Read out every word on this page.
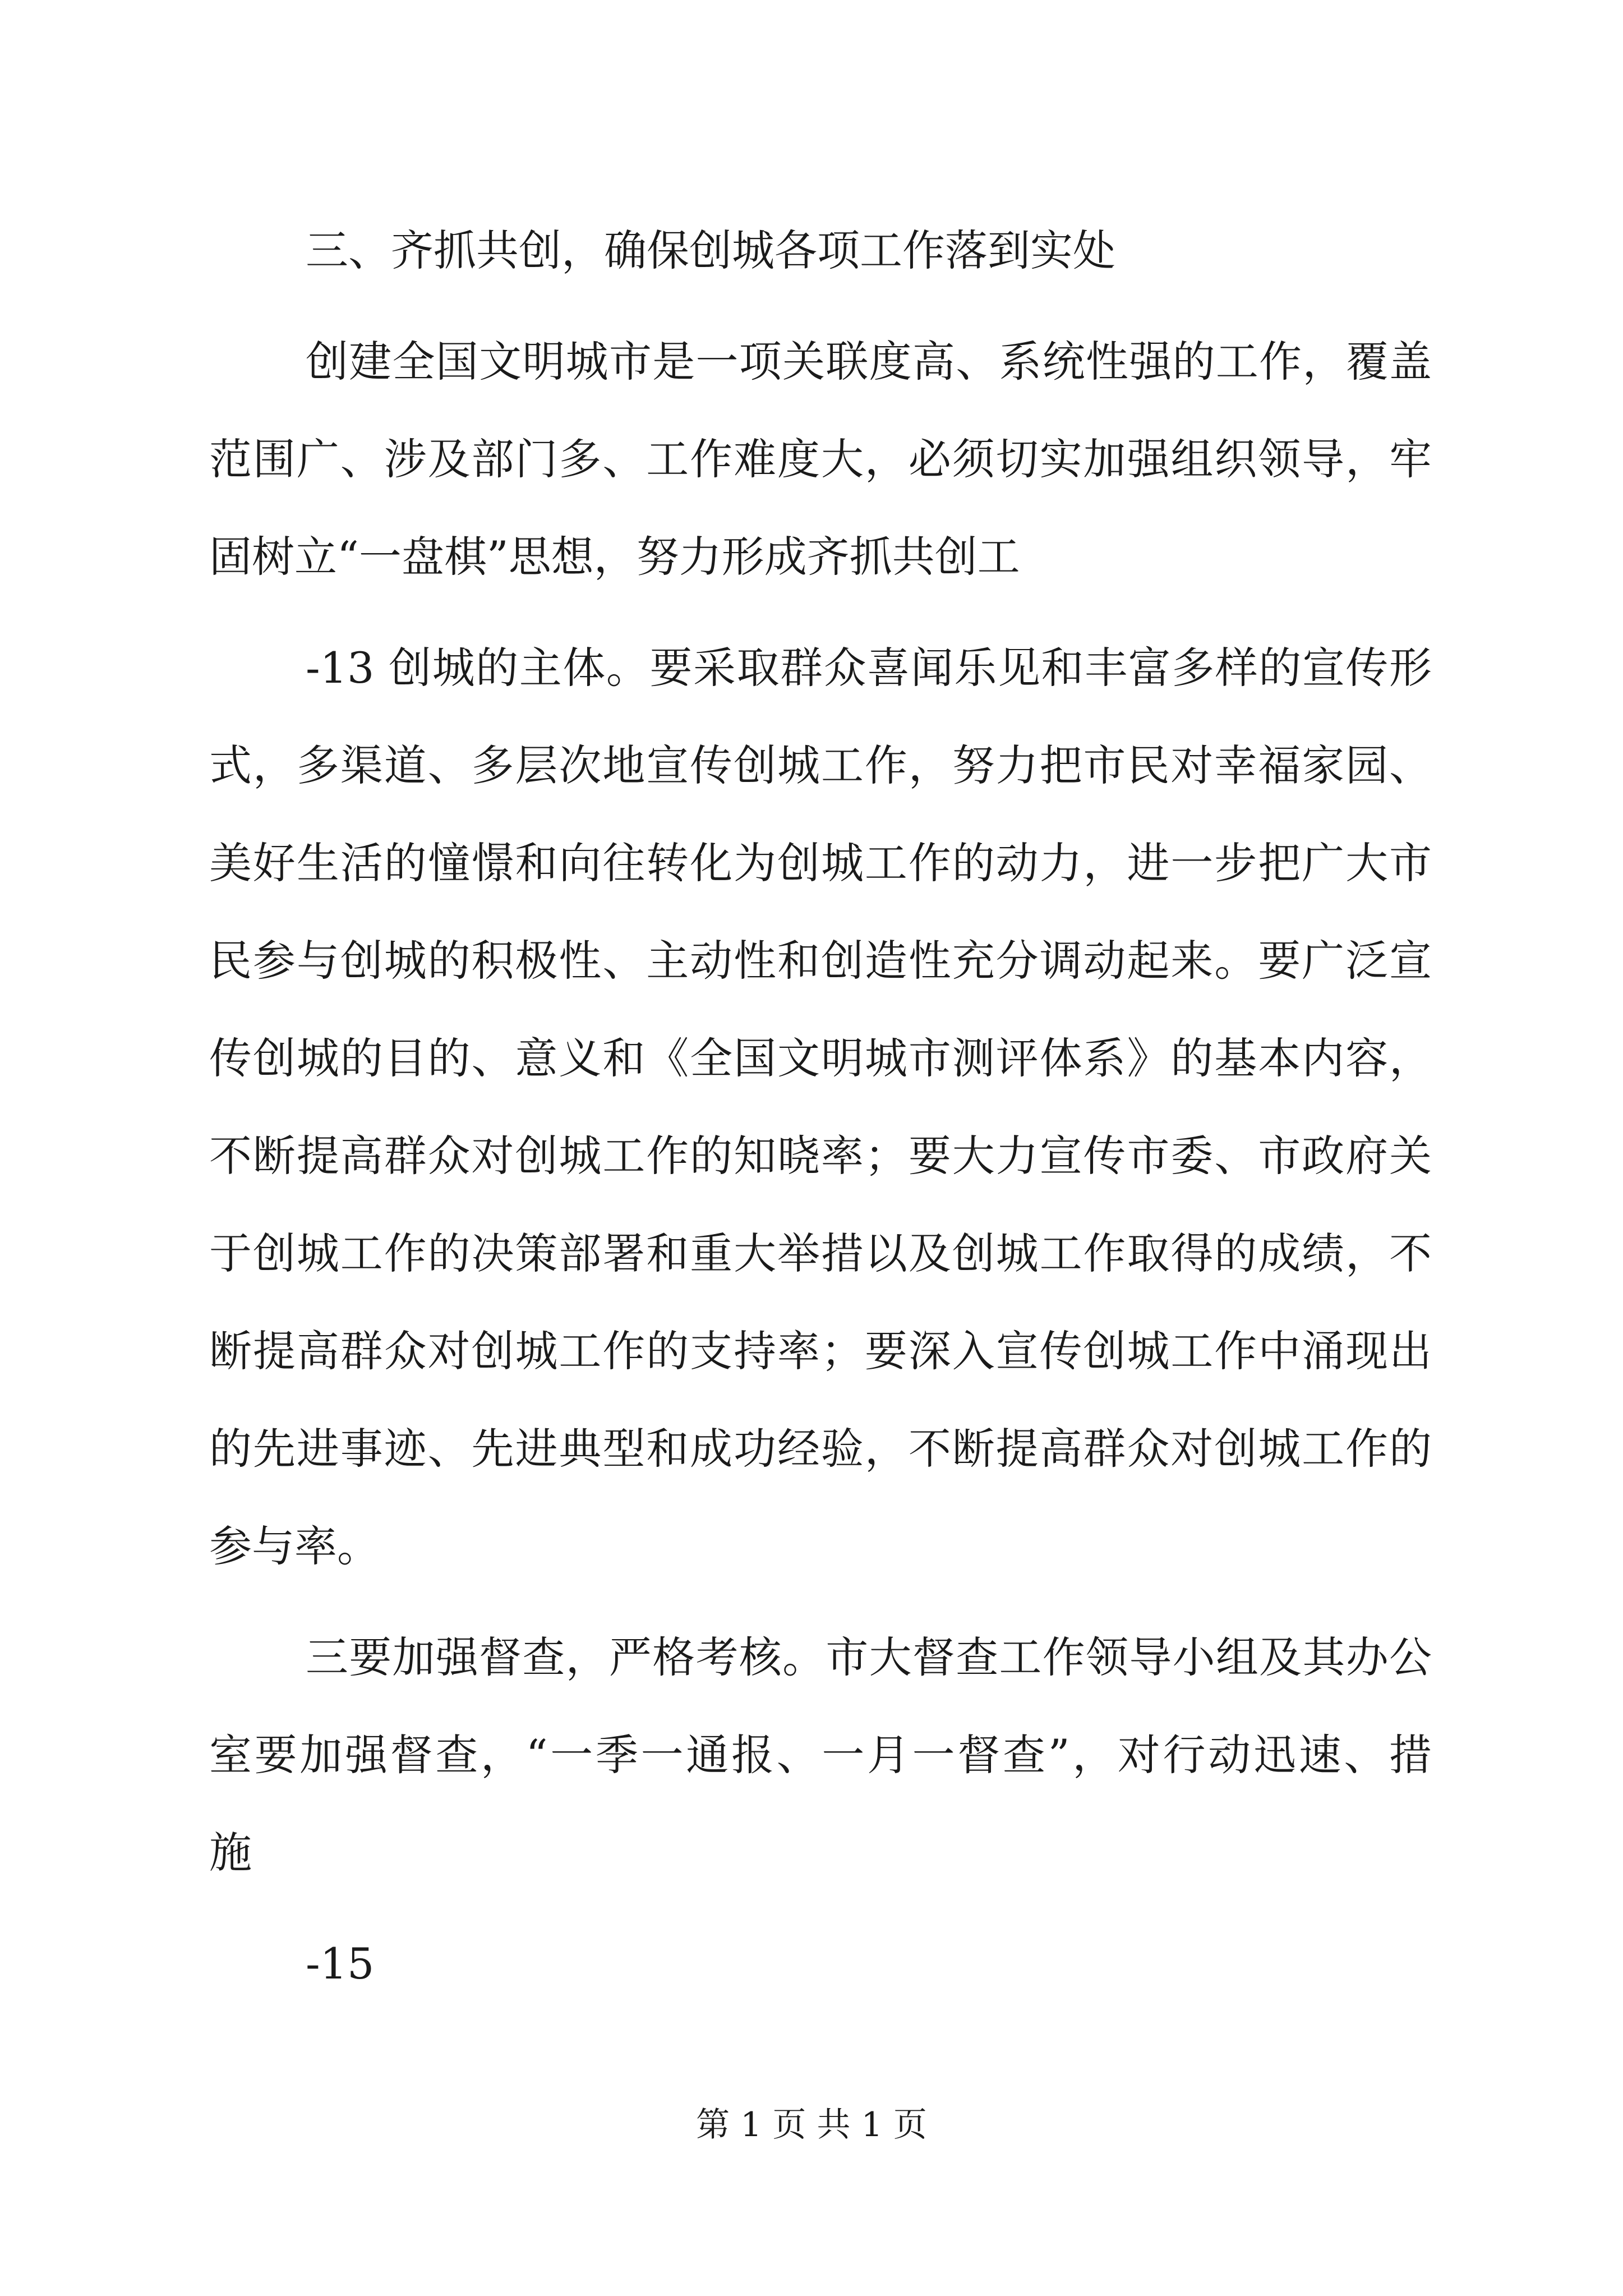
三、齐抓共创，确保创城各项工作落到实处
创建全国文明城市是一项关联度高、系统性强的工作，覆盖
范围广、涉及部门多、工作难度大，必须切实加强组织领导，牢
固树立“一盘棋”思想，努力形成齐抓共创工
-13 创城的主体。要采取群众喜闻乐见和丰富多样的宣传形
式，多渠道、多层次地宣传创城工作，努力把市民对幸福家园、
美好生活的憧憬和向往转化为创城工作的动力，进一步把广大市
民参与创城的积极性、主动性和创造性充分调动起来。要广泛宣
传创城的目的、意义和《全国文明城市测评体系》的基本内容，
不断提高群众对创城工作的知晓率；要大力宣传市委、市政府关
于创城工作的决策部署和重大举措以及创城工作取得的成绩，不
断提高群众对创城工作的支持率；要深入宣传创城工作中涌现出
的先进事迹、先进典型和成功经验，不断提高群众对创城工作的
参与率。
三要加强督查，严格考核。市大督查工作领导小组及其办公
室要加强督查，“一季一通报、一月一督查”，对行动迅速、措
施
-15
第 1 页 共 1 页
